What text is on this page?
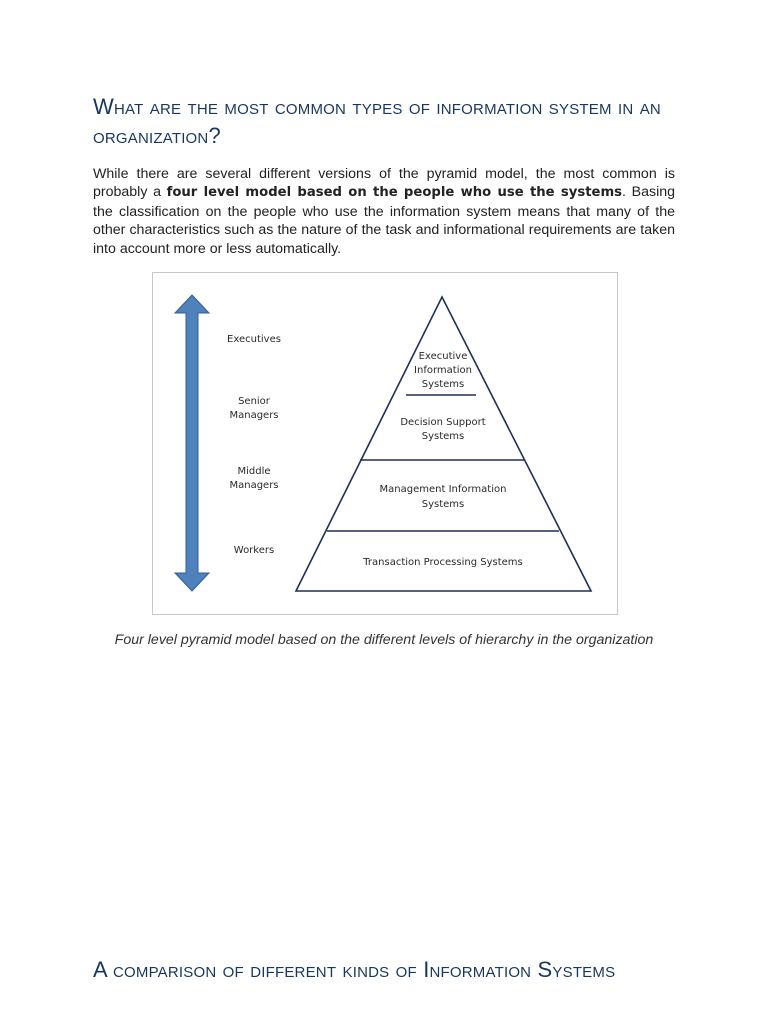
What are the most common types of information system in an organization?

While there are several different versions of the pyramid model, the most common is probably a four level model based on the people who use the systems. Basing the classification on the people who use the information system means that many of the other characteristics such as the nature of the task and informational requirements are taken into account more or less automatically.

Executives
Senior
Managers
Middle
Managers
Workers
Executive
Information
Systems
Decision Support
Systems
Management Information
Systems
Transaction Processing Systems

Four level pyramid model based on the different levels of hierarchy in the organization

A comparison of different kinds of Information Systems
